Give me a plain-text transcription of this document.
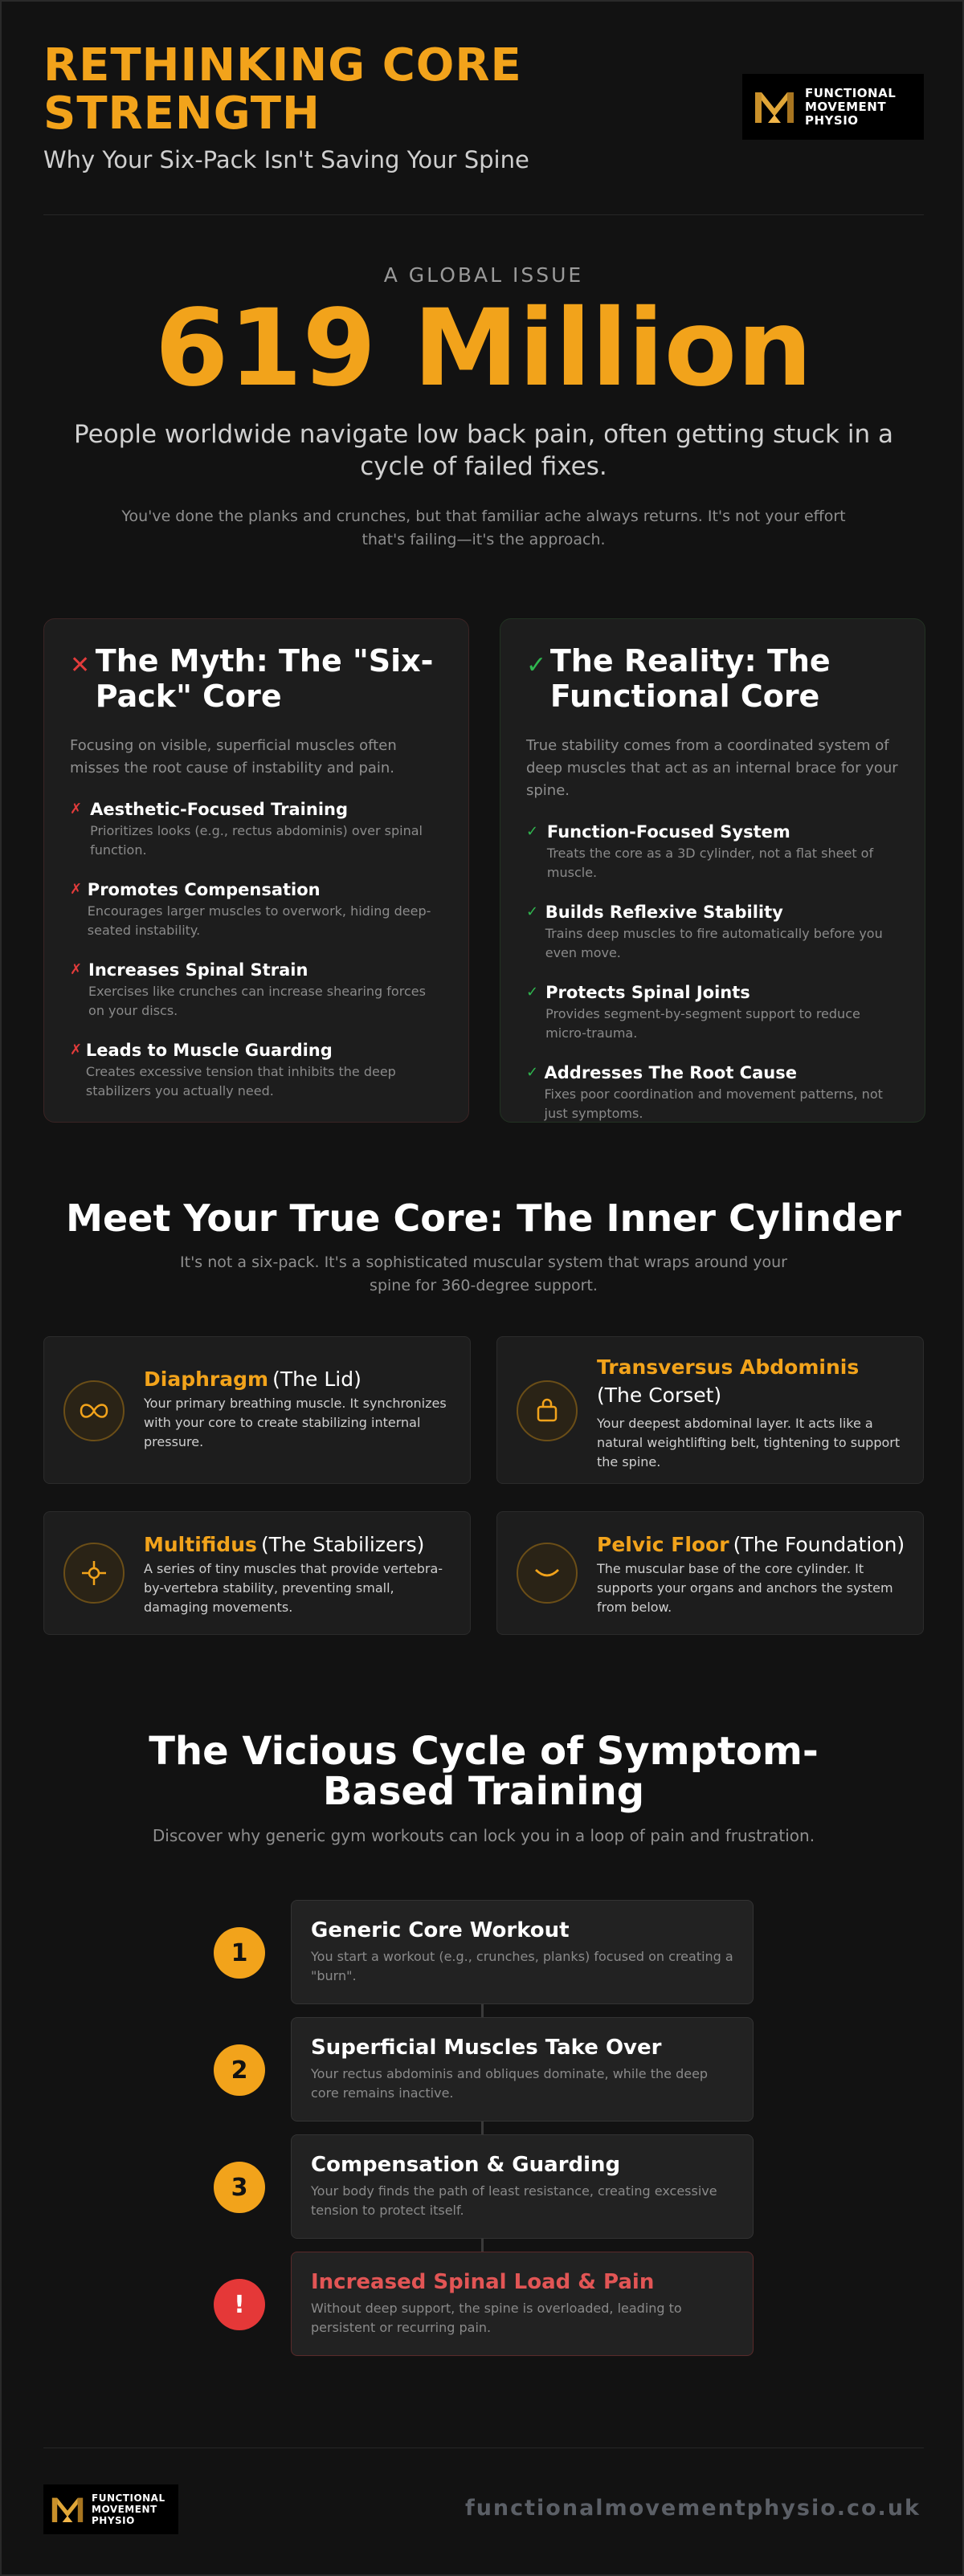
RETHINKING CORE STRENGTH
Why Your Six-Pack Isn't Saving Your Spine
FUNCTIONAL
MOVEMENT
PHYSIO
A GLOBAL ISSUE
619 Million
People worldwide navigate low back pain, often getting stuck in a cycle of failed fixes.
You've done the planks and crunches, but that familiar ache always returns. It's not your effort that's failing—it's the approach.
✕ The Myth: The "Six-Pack" Core
Focusing on visible, superficial muscles often misses the root cause of instability and pain.
✗ Aesthetic-Focused Training
Prioritizes looks (e.g., rectus abdominis) over spinal function.
✗ Promotes Compensation
Encourages larger muscles to overwork, hiding deep-seated instability.
✗ Increases Spinal Strain
Exercises like crunches can increase shearing forces on your discs.
✗ Leads to Muscle Guarding
Creates excessive tension that inhibits the deep stabilizers you actually need.
✓ The Reality: The Functional Core
True stability comes from a coordinated system of deep muscles that act as an internal brace for your spine.
✓ Function-Focused System
Treats the core as a 3D cylinder, not a flat sheet of muscle.
✓ Builds Reflexive Stability
Trains deep muscles to fire automatically before you even move.
✓ Protects Spinal Joints
Provides segment-by-segment support to reduce micro-trauma.
✓ Addresses The Root Cause
Fixes poor coordination and movement patterns, not just symptoms.
Meet Your True Core: The Inner Cylinder
It's not a six-pack. It's a sophisticated muscular system that wraps around your spine for 360-degree support.
Diaphragm (The Lid)
Your primary breathing muscle. It synchronizes with your core to create stabilizing internal pressure.
Transversus Abdominis (The Corset)
Your deepest abdominal layer. It acts like a natural weightlifting belt, tightening to support the spine.
Multifidus (The Stabilizers)
A series of tiny muscles that provide vertebra-by-vertebra stability, preventing small, damaging movements.
Pelvic Floor (The Foundation)
The muscular base of the core cylinder. It supports your organs and anchors the system from below.
The Vicious Cycle of Symptom-Based Training
Discover why generic gym workouts can lock you in a loop of pain and frustration.
1
Generic Core Workout
You start a workout (e.g., crunches, planks) focused on creating a "burn".
2
Superficial Muscles Take Over
Your rectus abdominis and obliques dominate, while the deep core remains inactive.
3
Compensation & Guarding
Your body finds the path of least resistance, creating excessive tension to protect itself.
!
Increased Spinal Load & Pain
Without deep support, the spine is overloaded, leading to persistent or recurring pain.
FUNCTIONAL
MOVEMENT
PHYSIO	functionalmovementphysio.co.uk
